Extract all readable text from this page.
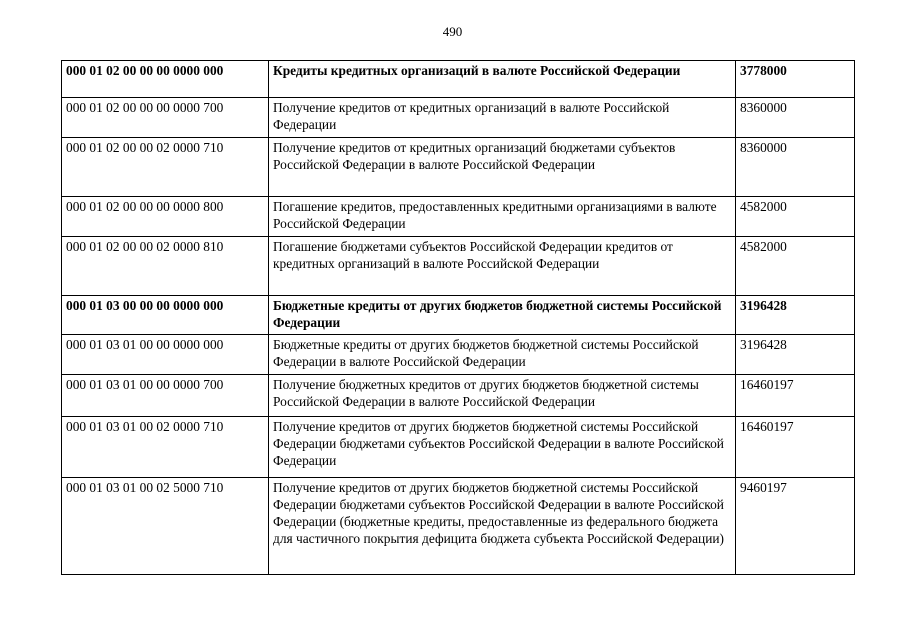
490
000 01 02 00 00 00 0000 000	Кредиты кредитных организаций в валюте Российской Федерации	3778000
000 01 02 00 00 00 0000 700	Получение кредитов от кредитных организаций в валюте Российской Федерации	8360000
000 01 02 00 00 02 0000 710	Получение кредитов от кредитных организаций бюджетами субъектов Российской Федерации в валюте Российской Федерации	8360000
000 01 02 00 00 00 0000 800	Погашение кредитов, предоставленных кредитными организациями в валюте Российской Федерации	4582000
000 01 02 00 00 02 0000 810	Погашение бюджетами субъектов Российской Федерации кредитов от кредитных организаций в валюте Российской Федерации	4582000
000 01 03 00 00 00 0000 000	Бюджетные кредиты от других бюджетов бюджетной системы Российской Федерации	3196428
000 01 03 01 00 00 0000 000	Бюджетные кредиты от других бюджетов бюджетной системы Российской Федерации в валюте Российской Федерации	3196428
000 01 03 01 00 00 0000 700	Получение бюджетных кредитов от других бюджетов бюджетной системы Российской Федерации в валюте Российской Федерации	16460197
000 01 03 01 00 02 0000 710	Получение кредитов от других бюджетов бюджетной системы Российской Федерации бюджетами субъектов Российской Федерации в валюте Российской Федерации	16460197
000 01 03 01 00 02 5000 710	Получение кредитов от других бюджетов бюджетной системы Российской Федерации бюджетами субъектов Российской Федерации в валюте Российской Федерации (бюджетные кредиты, предоставленные из федерального бюджета для частичного покрытия дефицита бюджета субъекта Российской Федерации)	9460197
